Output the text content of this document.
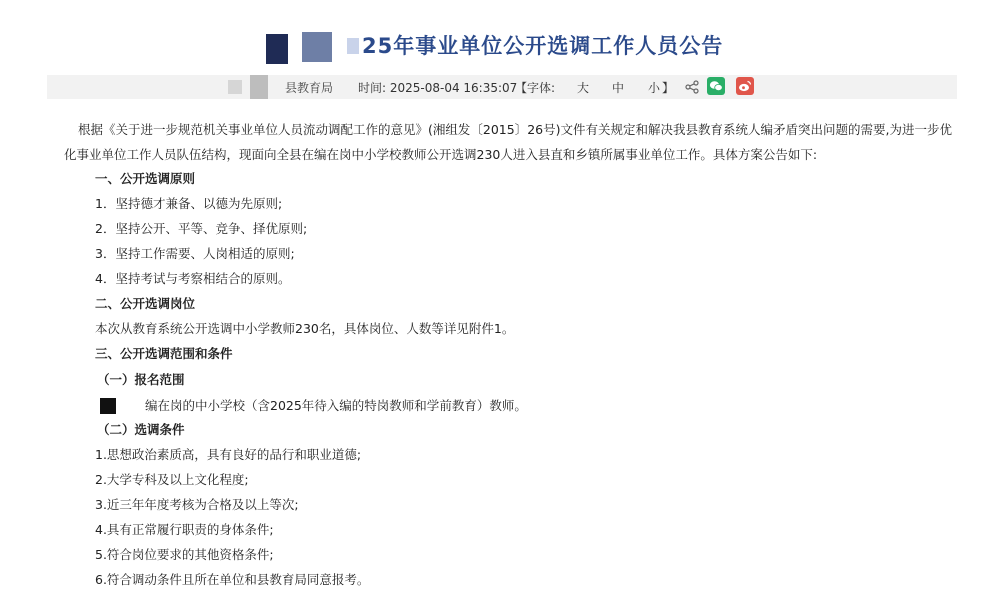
25年事业单位公开选调工作人员公告
县教育局 时间: 2025-08-04 16:35:07
【字体: 大 中 小 】
根据《关于进一步规范机关事业单位人员流动调配工作的意见》(湘组发〔2015〕26号)文件有关规定和解决我县教育系统人编矛盾突出问题的需要,为进一步优
化事业单位工作人员队伍结构，现面向全县在编在岗中小学校教师公开选调230人进入县直和乡镇所属事业单位工作。具体方案公告如下:
一、公开选调原则
1．坚持德才兼备、以德为先原则;
2．坚持公开、平等、竞争、择优原则;
3．坚持工作需要、人岗相适的原则;
4．坚持考试与考察相结合的原则。
二、公开选调岗位
本次从教育系统公开选调中小学教师230名，具体岗位、人数等详见附件1。
三、公开选调范围和条件
（一）报名范围
编在岗的中小学校（含2025年待入编的特岗教师和学前教育）教师。
（二）选调条件
1.思想政治素质高，具有良好的品行和职业道德;
2.大学专科及以上文化程度;
3.近三年年度考核为合格及以上等次;
4.具有正常履行职责的身体条件;
5.符合岗位要求的其他资格条件;
6.符合调动条件且所在单位和县教育局同意报考。
